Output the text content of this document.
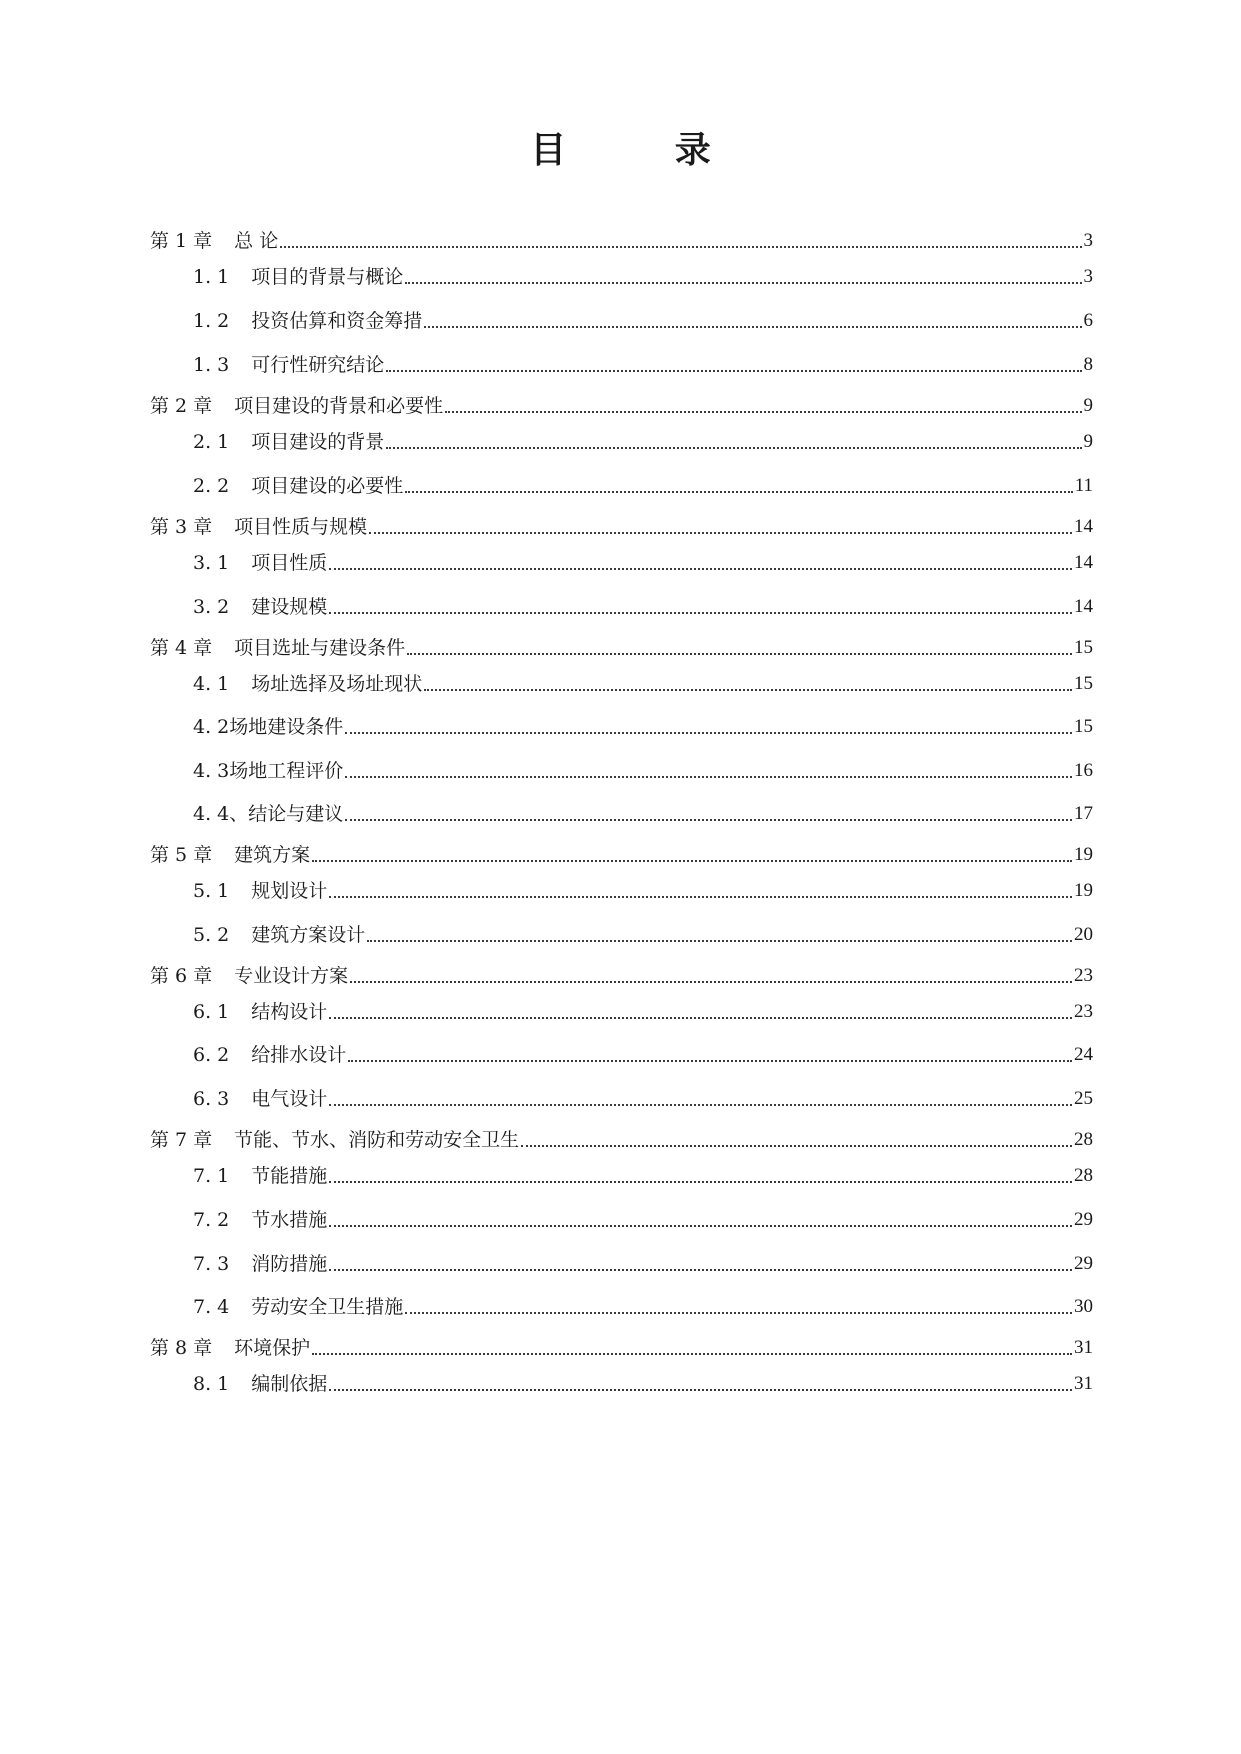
目 录
第 1 章 总 论	3
1. 1 项目的背景与概论	3
1. 2 投资估算和资金筹措	6
1. 3 可行性研究结论	8
第 2 章 项目建设的背景和必要性	9
2. 1 项目建设的背景	9
2. 2 项目建设的必要性	11
第 3 章 项目性质与规模	14
3. 1 项目性质	14
3. 2 建设规模	14
第 4 章 项目选址与建设条件	15
4. 1 场址选择及场址现状	15
4. 2场地建设条件	15
4. 3场地工程评价	16
4. 4、结论与建议	17
第 5 章 建筑方案	19
5. 1 规划设计	19
5. 2 建筑方案设计	20
第 6 章 专业设计方案	23
6. 1 结构设计	23
6. 2 给排水设计	24
6. 3 电气设计	25
第 7 章 节能、节水、消防和劳动安全卫生	28
7. 1 节能措施	28
7. 2 节水措施	29
7. 3 消防措施	29
7. 4 劳动安全卫生措施	30
第 8 章 环境保护	31
8. 1 编制依据	31
